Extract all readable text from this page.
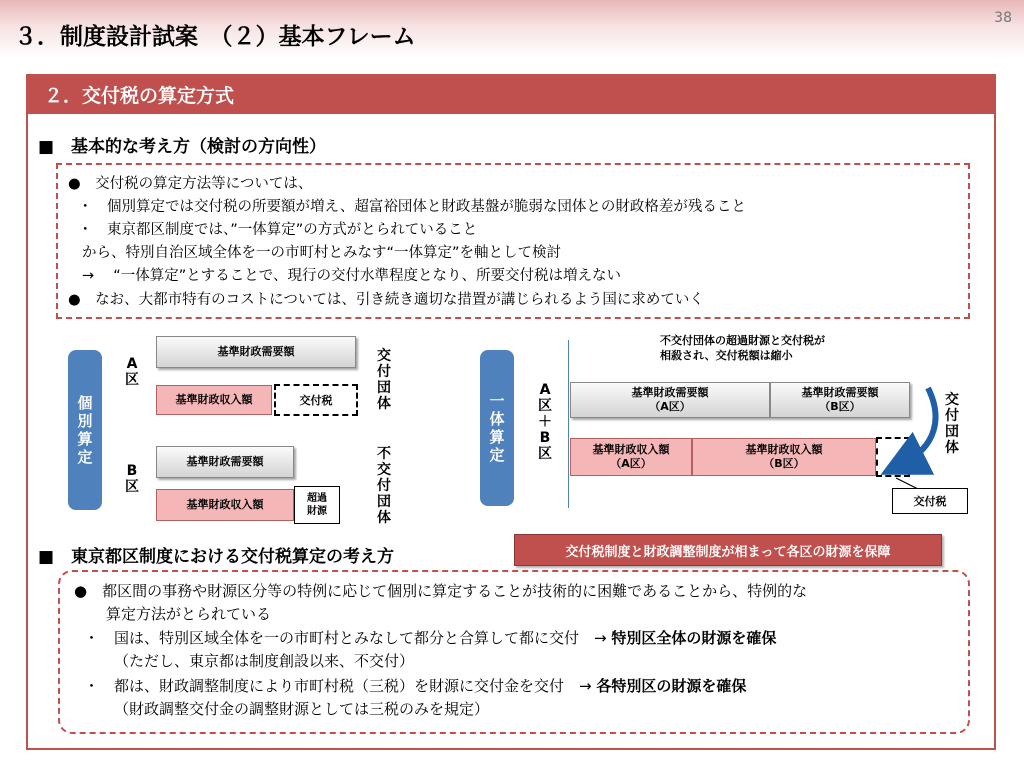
３．制度設計試案　（２）基本フレーム
38
２．交付税の算定方式
■　基本的な考え方（検討の方向性）
●　交付税の算定方法等については、
・　個別算定では交付税の所要額が増え、超富裕団体と財政基盤が脆弱な団体との財政格差が残ること
・　東京都区制度では、”一体算定”の方式がとられていること
から、特別自治区域全体を一の市町村とみなす“一体算定”を軸として検討
→　 “一体算定”とすることで、現行の交付水準程度となり、所要交付税は増えない
●　なお、大都市特有のコストについては、引き続き適切な措置が講じられるよう国に求めていく
個
別
算
定
A
区
B
区
基準財政需要額
基準財政収入額	交付税
基準財政需要額
基準財政収入額	超過
財源
交
付
団
体
不
交
付
団
体
一
体
算
定
A
区
＋
B
区
不交付団体の超過財源と交付税が
相殺され、交付税額は縮小
基準財政需要額
（A区）
基準財政需要額
（B区）
基準財政収入額
（A区）
基準財政収入額
（B区）
交
付
団
体
交付税
■　東京都区制度における交付税算定の考え方	交付税制度と財政調整制度が相まって各区の財源を保障
●　都区間の事務や財源区分等の特例に応じて個別に算定することが技術的に困難であることから、特例的な
算定方法がとられている
・　国は、特別区域全体を一の市町村とみなして都分と合算して都に交付　→ 特別区全体の財源を確保
（ただし、東京都は制度創設以来、不交付）
・　都は、財政調整制度により市町村税（三税）を財源に交付金を交付　→ 各特別区の財源を確保
（財政調整交付金の調整財源としては三税のみを規定）
